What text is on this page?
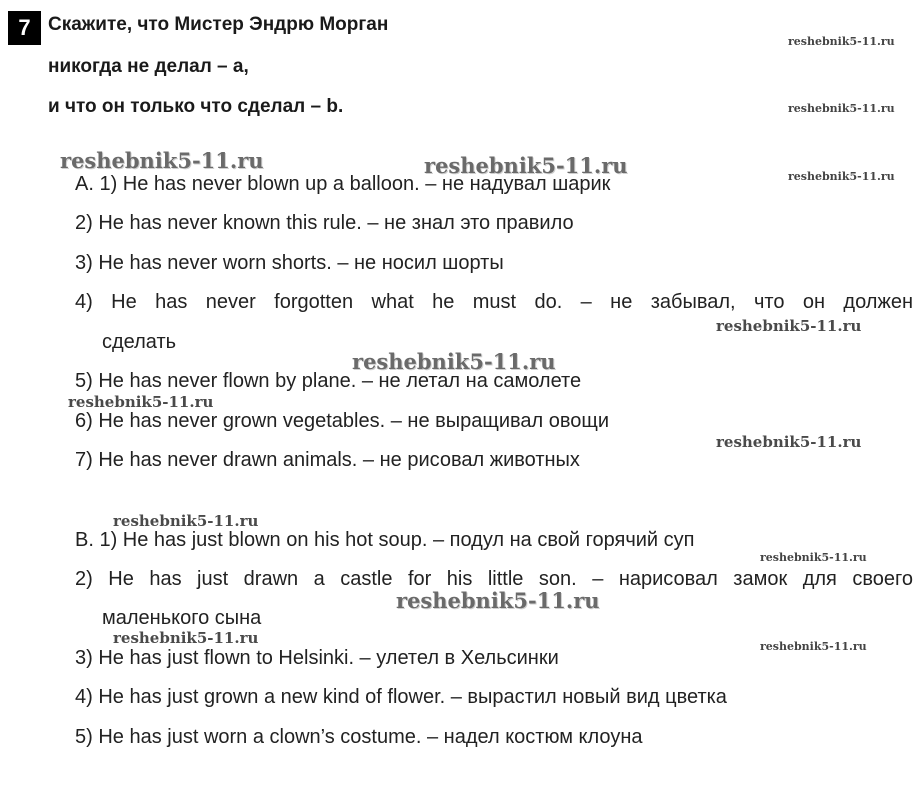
7 Скажите, что Мистер Эндрю Морган
никогда не делал – a,
и что он только что сделал – b.
A. 1) He has never blown up a balloon. – не надувал шарик
2) He has never known this rule. – не знал это правило
3) He has never worn shorts. – не носил шорты
4) He has never forgotten what he must do. – не забывал, что он должен
сделать
5) He has never flown by plane. – не летал на самолете
6) He has never grown vegetables. – не выращивал овощи
7) He has never drawn animals. – не рисовал животных
B. 1) He has just blown on his hot soup. – подул на свой горячий суп
2) He has just drawn a castle for his little son. – нарисовал замок для своего
маленького сына
3) He has just flown to Helsinki. – улетел в Хельсинки
4) He has just grown a new kind of flower. – вырастил новый вид цветка
5) He has just worn a clown’s costume. – надел костюм клоуна
reshebnik5-11.ru
reshebnik5-11.ru
reshebnik5-11.ru
reshebnik5-11.ru	reshebnik5-11.ru
reshebnik5-11.ru
reshebnik5-11.ru
reshebnik5-11.ru
reshebnik5-11.ru
reshebnik5-11.ru
reshebnik5-11.ru
reshebnik5-11.ru
reshebnik5-11.ru	reshebnik5-11.ru
